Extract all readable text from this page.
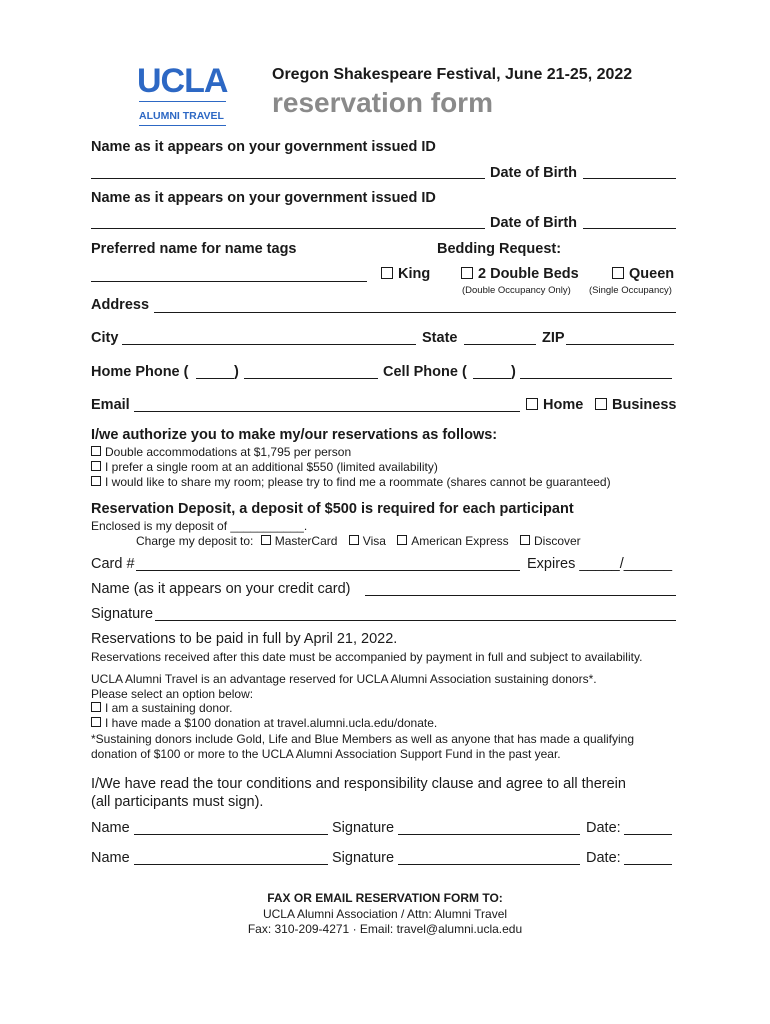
UCLA
ALUMNI TRAVEL
Oregon Shakespeare Festival, June 21-25, 2022
reservation form
Name as it appears on your government issued ID
Date of Birth
Name as it appears on your government issued ID
Date of Birth
Preferred name for name tags	Bedding Request:
King	2 Double Beds	Queen
(Double Occupancy Only) (Single Occupancy)
Address
City	State	ZIP
Home Phone (	)	Cell Phone (	)
Email	Home	Business
I/we authorize you to make my/our reservations as follows:
Double accommodations at $1,795 per person
I prefer a single room at an additional $550 (limited availability)
I would like to share my room; please try to find me a roommate (shares cannot be guaranteed)
Reservation Deposit, a deposit of $500 is required for each participant
Enclosed is my deposit of ___________.
Charge my deposit to: MasterCard Visa American Express Discover
Card #	Expires _____/______
Name (as it appears on your credit card)
Signature
Reservations to be paid in full by April 21, 2022.
Reservations received after this date must be accompanied by payment in full and subject to availability.
UCLA Alumni Travel is an advantage reserved for UCLA Alumni Association sustaining donors*.
Please select an option below:
I am a sustaining donor.
I have made a $100 donation at travel.alumni.ucla.edu/donate.
*Sustaining donors include Gold, Life and Blue Members as well as anyone that has made a qualifying
donation of $100 or more to the UCLA Alumni Association Support Fund in the past year.
I/We have read the tour conditions and responsibility clause and agree to all therein
(all participants must sign).
Name	Signature	Date:
Name	Signature	Date:
FAX OR EMAIL RESERVATION FORM TO:
UCLA Alumni Association / Attn: Alumni Travel
Fax: 310-209-4271 · Email: travel@alumni.ucla.edu
